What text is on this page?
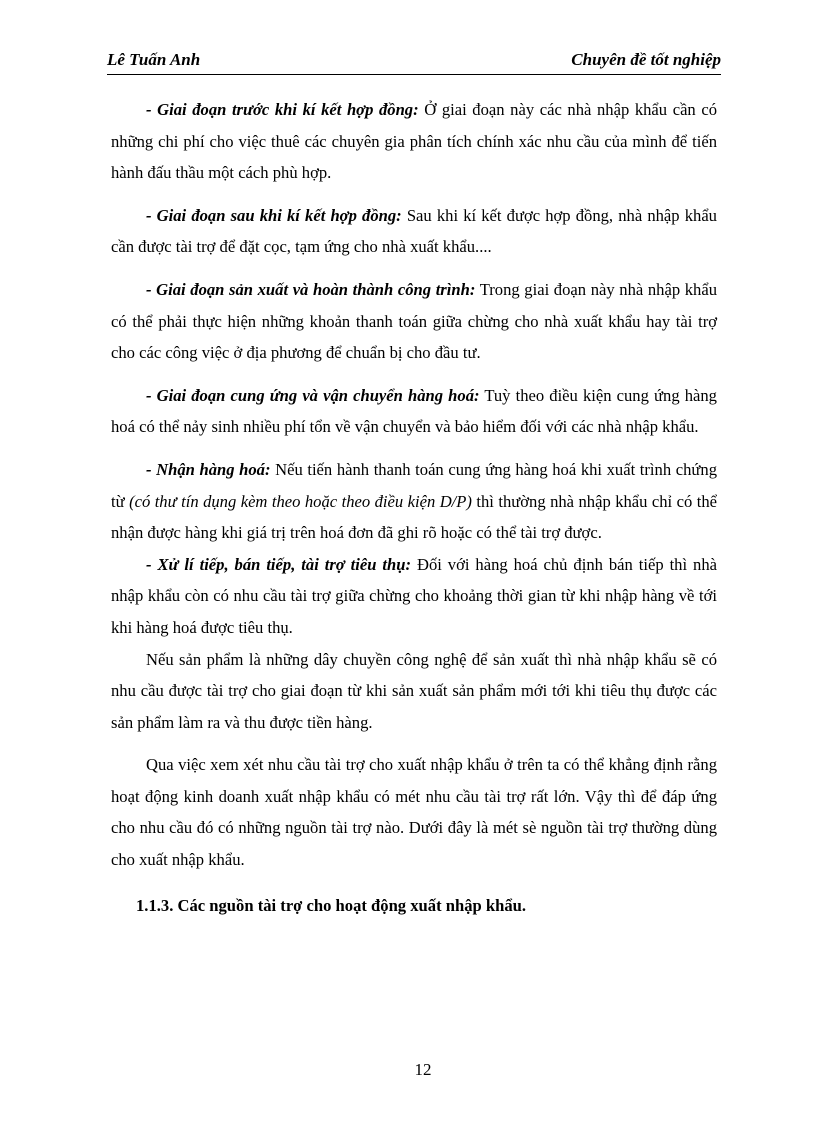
Lê Tuấn Anh	Chuyên đề tốt nghiệp

- Giai đoạn trước khi kí kết hợp đồng: Ở giai đoạn này các nhà nhập khẩu cần có những chi phí cho việc thuê các chuyên gia phân tích chính xác nhu cầu của mình để tiến hành đấu thầu một cách phù hợp.

- Giai đoạn sau khi kí kết hợp đồng: Sau khi kí kết được hợp đồng, nhà nhập khẩu cần được tài trợ để đặt cọc, tạm ứng cho nhà xuất khẩu....

- Giai đoạn sản xuất và hoàn thành công trình: Trong giai đoạn này nhà nhập khẩu có thể phải thực hiện những khoản thanh toán giữa chừng cho nhà xuất khẩu hay tài trợ cho các công việc ở địa phương để chuẩn bị cho đầu tư.

- Giai đoạn cung ứng và vận chuyển hàng hoá: Tuỳ theo điều kiện cung ứng hàng hoá có thể nảy sinh nhiều phí tổn về vận chuyển và bảo hiểm đối với các nhà nhập khẩu.

- Nhận hàng hoá: Nếu tiến hành thanh toán cung ứng hàng hoá khi xuất trình chứng từ (có thư tín dụng kèm theo hoặc theo điều kiện D/P) thì thường nhà nhập khẩu chỉ có thể nhận được hàng khi giá trị trên hoá đơn đã ghi rõ hoặc có thể tài trợ được.

- Xử lí tiếp, bán tiếp, tài trợ tiêu thụ: Đối với hàng hoá chủ định bán tiếp thì nhà nhập khẩu còn có nhu cầu tài trợ giữa chừng cho khoảng thời gian từ khi nhập hàng về tới khi hàng hoá được tiêu thụ.

Nếu sản phẩm là những dây chuyền công nghệ để sản xuất thì nhà nhập khẩu sẽ có nhu cầu được tài trợ cho giai đoạn từ khi sản xuất sản phẩm mới tới khi tiêu thụ được các sản phẩm làm ra và thu được tiền hàng.

Qua việc xem xét nhu cầu tài trợ cho xuất nhập khẩu ở trên ta có thể khẳng định rằng hoạt động kinh doanh xuất nhập khẩu có mét nhu cầu tài trợ rất lớn. Vậy thì để đáp ứng cho nhu cầu đó có những nguồn tài trợ nào. Dưới đây là mét sè nguồn tài trợ thường dùng cho xuất nhập khẩu.

1.1.3. Các nguồn tài trợ cho hoạt động xuất nhập khẩu.

12
